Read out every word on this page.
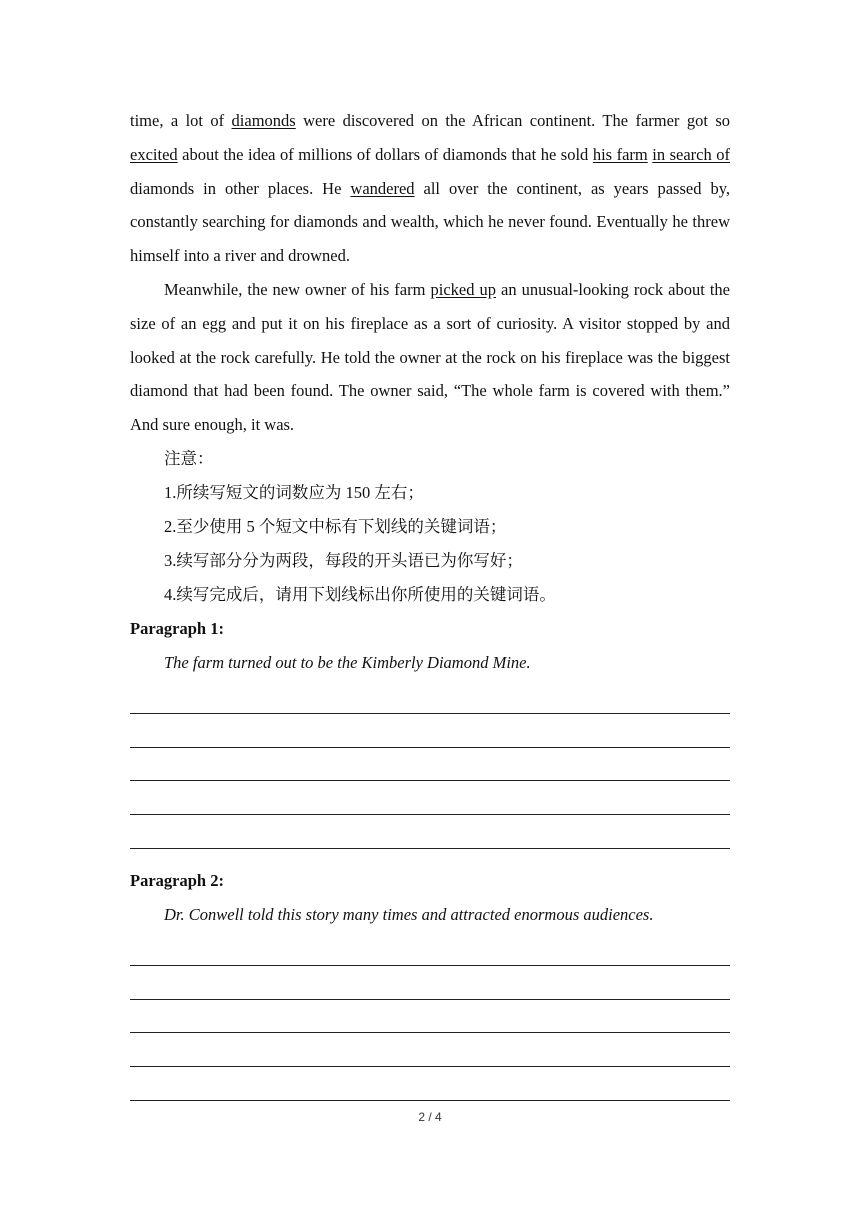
time, a lot of diamonds were discovered on the African continent. The farmer got so excited about the idea of millions of dollars of diamonds that he sold his farm in search of diamonds in other places. He wandered all over the continent, as years passed by, constantly searching for diamonds and wealth, which he never found. Eventually he threw himself into a river and drowned.

Meanwhile, the new owner of his farm picked up an unusual-looking rock about the size of an egg and put it on his fireplace as a sort of curiosity. A visitor stopped by and looked at the rock carefully. He told the owner at the rock on his fireplace was the biggest diamond that had been found. The owner said, “The whole farm is covered with them.” And sure enough, it was.

注意：

1.所续写短文的词数应为 150 左右；

2.至少使用 5 个短文中标有下划线的关键词语；

3.续写部分分为两段，每段的开头语已为你写好；

4.续写完成后，请用下划线标出你所使用的关键词语。

Paragraph 1:

The farm turned out to be the Kimberly Diamond Mine.

Paragraph 2:

Dr. Conwell told this story many times and attracted enormous audiences.

2 / 4
